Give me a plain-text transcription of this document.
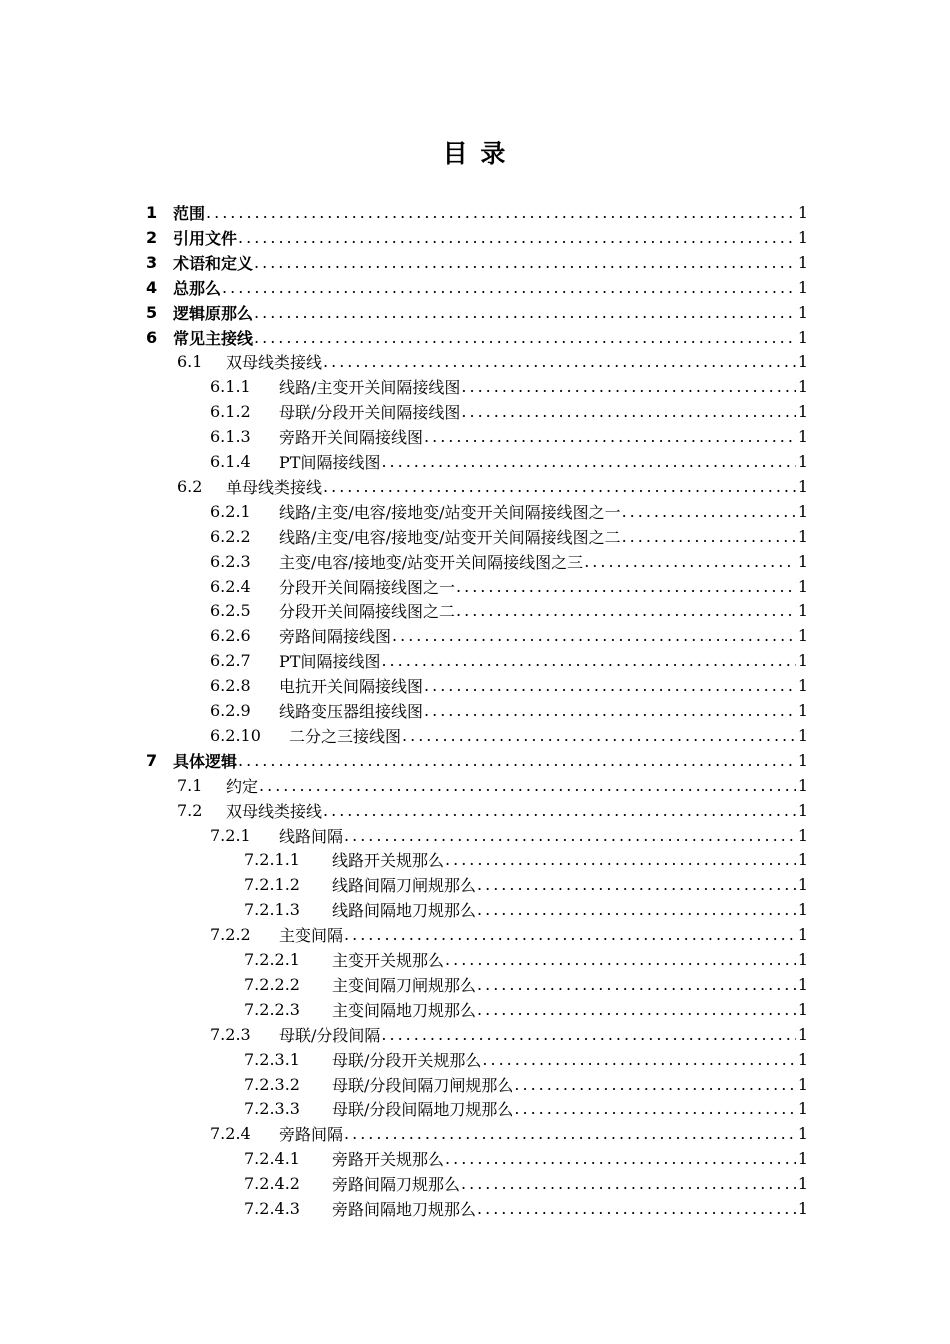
目 录
1 范围 .....	1
2 引用文件 .....	1
3 术语和定义 .....	1
4 总那么 .....	1
5 逻辑原那么 .....	1
6 常见主接线 .....	1
6.1	双母线类接线 .....	1
6.1.1	线路/主变开关间隔接线图 .....	1
6.1.2	母联/分段开关间隔接线图 .....	1
6.1.3	旁路开关间隔接线图 .....	1
6.1.4	PT间隔接线图 .....	1
6.2	单母线类接线 .....	1
6.2.1	线路/主变/电容/接地变/站变开关间隔接线图之一 .....	1
6.2.2	线路/主变/电容/接地变/站变开关间隔接线图之二 .....	1
6.2.3	主变/电容/接地变/站变开关间隔接线图之三 .....	1
6.2.4	分段开关间隔接线图之一 .....	1
6.2.5	分段开关间隔接线图之二 .....	1
6.2.6	旁路间隔接线图 .....	1
6.2.7	PT间隔接线图 .....	1
6.2.8	电抗开关间隔接线图 .....	1
6.2.9	线路变压器组接线图 .....	1
6.2.10	二分之三接线图 .....	1
7 具体逻辑 .....	1
7.1	约定 .....	1
7.2	双母线类接线 .....	1
7.2.1	线路间隔 .....	1
7.2.1.1	线路开关规那么 .....	1
7.2.1.2	线路间隔刀闸规那么 .....	1
7.2.1.3	线路间隔地刀规那么 .....	1
7.2.2	主变间隔 .....	1
7.2.2.1	主变开关规那么 .....	1
7.2.2.2	主变间隔刀闸规那么 .....	1
7.2.2.3	主变间隔地刀规那么 .....	1
7.2.3	母联/分段间隔 .....	1
7.2.3.1	母联/分段开关规那么 .....	1
7.2.3.2	母联/分段间隔刀闸规那么 .....	1
7.2.3.3	母联/分段间隔地刀规那么 .....	1
7.2.4	旁路间隔 .....	1
7.2.4.1	旁路开关规那么 .....	1
7.2.4.2	旁路间隔刀规那么 .....	1
7.2.4.3	旁路间隔地刀规那么 .....	1
